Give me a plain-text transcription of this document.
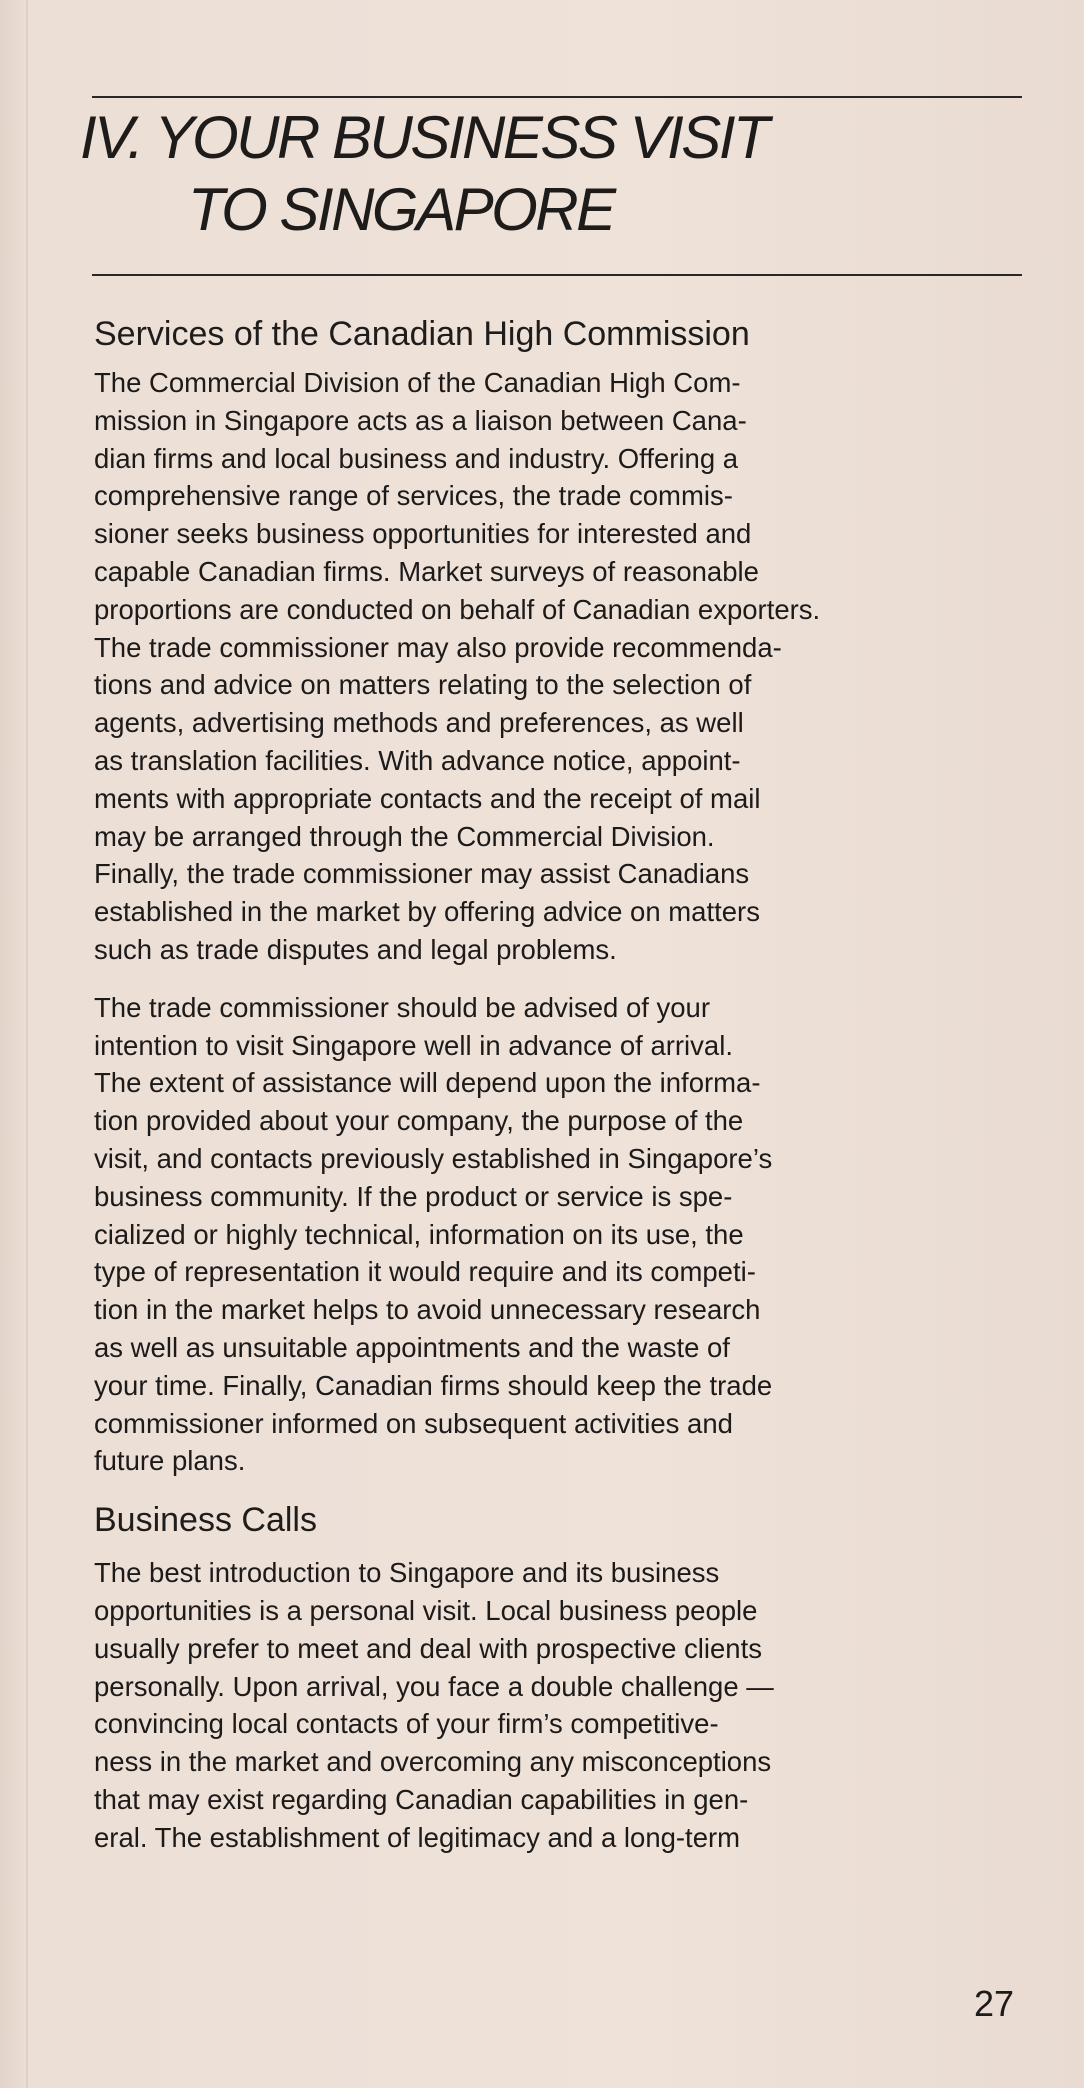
IV. YOUR BUSINESS VISIT

TO SINGAPORE
Services of the Canadian High Commission

The Commercial Division of the Canadian High Com-
mission in Singapore acts as a liaison between Cana-
dian firms and local business and industry. Offering a
comprehensive range of services, the trade commis-
sioner seeks business opportunities for interested and
capable Canadian firms. Market surveys of reasonable
proportions are conducted on behalf of Canadian exporters.
The trade commissioner may also provide recommenda-
tions and advice on matters relating to the selection of
agents, advertising methods and preferences, as well
as translation facilities. With advance notice, appoint-
ments with appropriate contacts and the receipt of mail
may be arranged through the Commercial Division.
Finally, the trade commissioner may assist Canadians
established in the market by offering advice on matters
such as trade disputes and legal problems.

The trade commissioner should be advised of your
intention to visit Singapore well in advance of arrival.
The extent of assistance will depend upon the informa-
tion provided about your company, the purpose of the
visit, and contacts previously established in Singapore’s
business community. If the product or service is spe-
cialized or highly technical, information on its use, the
type of representation it would require and its competi-
tion in the market helps to avoid unnecessary research
as well as unsuitable appointments and the waste of
your time. Finally, Canadian firms should keep the trade
commissioner informed on subsequent activities and
future plans.

Business Calls

The best introduction to Singapore and its business
opportunities is a personal visit. Local business people
usually prefer to meet and deal with prospective clients
personally. Upon arrival, you face a double challenge —
convincing local contacts of your firm’s competitive-
ness in the market and overcoming any misconceptions
that may exist regarding Canadian capabilities in gen-
eral. The establishment of legitimacy and a long-term

27
